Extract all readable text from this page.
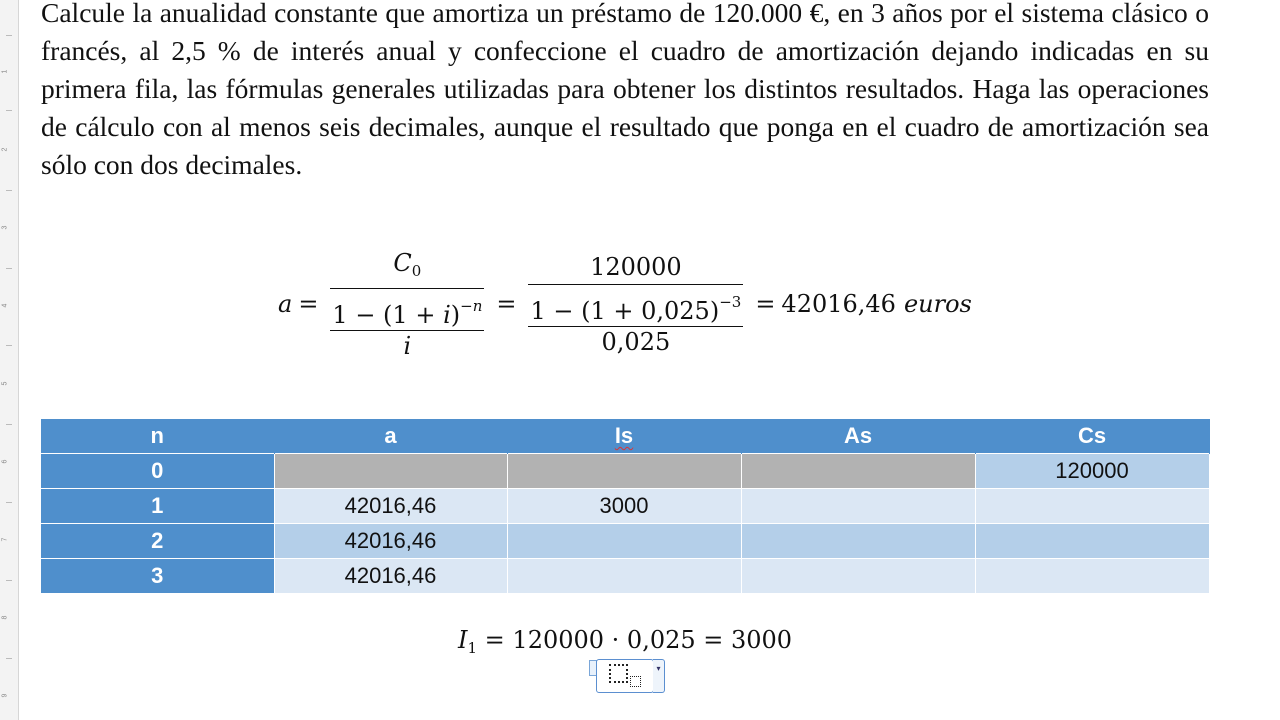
1
2
3
4
5
6
7
8
9

Calcule la anualidad constante que amortiza un préstamo de 120.000 €, en 3 años por el sistema clásico o francés, al 2,5 % de interés anual y confeccione el cuadro de amortización dejando indicadas en su primera fila, las fórmulas generales utilizadas para obtener los distintos resultados. Haga las operaciones de cálculo con al menos seis decimales, aunque el resultado que ponga en el cuadro de amortización sea sólo con dos decimales.

$a = \frac{C_0}{\frac{1 - (1 + i)^{-n}}{i}} = \frac{120000}{\frac{1 - (1 + 0,025)^{-3}}{0,025}} = 42016,46$ euros
n	a	Is	As	Cs
0				120000
1	42016,46	3000		
2	42016,46			
3	42016,46			
$I_1 = 120000 \cdot 0,025 = 3000$
▾
